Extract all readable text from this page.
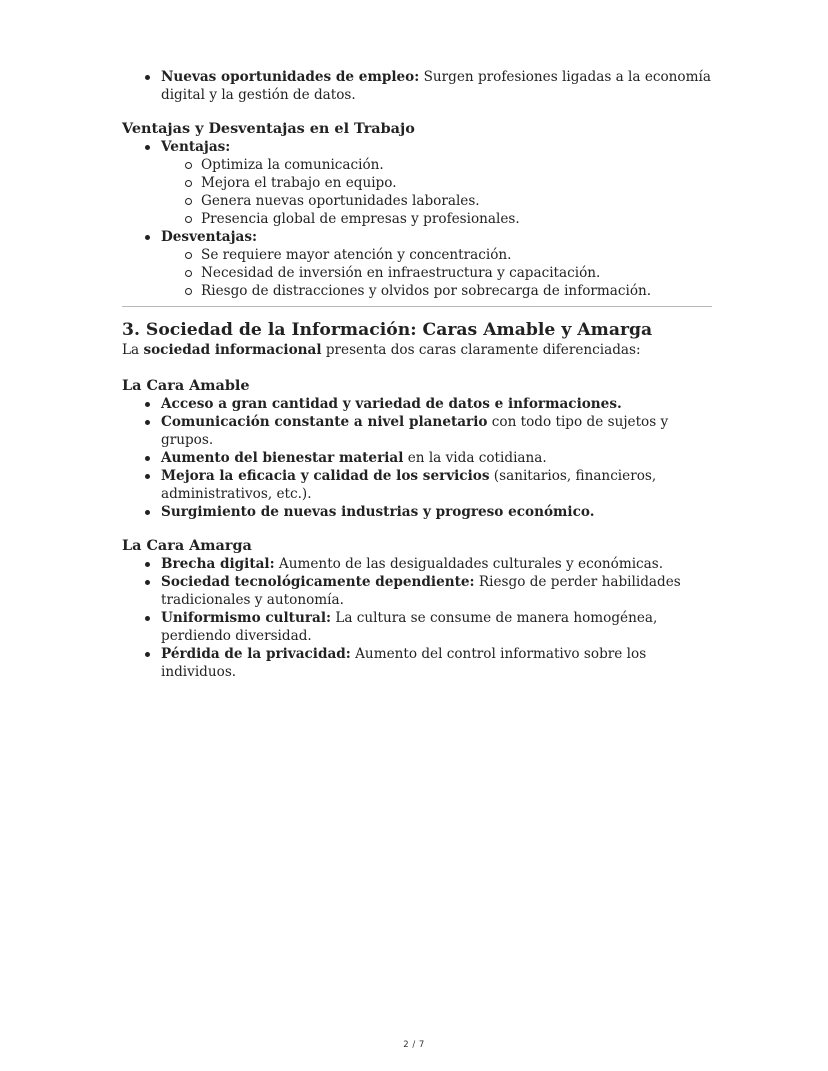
Nuevas oportunidades de empleo: Surgen profesiones ligadas a la economía digital y la gestión de datos.
Ventajas y Desventajas en el Trabajo
Ventajas:
Optimiza la comunicación.
Mejora el trabajo en equipo.
Genera nuevas oportunidades laborales.
Presencia global de empresas y profesionales.
Desventajas:
Se requiere mayor atención y concentración.
Necesidad de inversión en infraestructura y capacitación.
Riesgo de distracciones y olvidos por sobrecarga de información.
3. Sociedad de la Información: Caras Amable y Amarga

La sociedad informacional presenta dos caras claramente diferenciadas:

La Cara Amable
Acceso a gran cantidad y variedad de datos e informaciones.
Comunicación constante a nivel planetario con todo tipo de sujetos y grupos.
Aumento del bienestar material en la vida cotidiana.
Mejora la eficacia y calidad de los servicios (sanitarios, financieros, administrativos, etc.).
Surgimiento de nuevas industrias y progreso económico.
La Cara Amarga
Brecha digital: Aumento de las desigualdades culturales y económicas.
Sociedad tecnológicamente dependiente: Riesgo de perder habilidades tradicionales y autonomía.
Uniformismo cultural: La cultura se consume de manera homogénea, perdiendo diversidad.
Pérdida de la privacidad: Aumento del control informativo sobre los individuos.
2 / 7
